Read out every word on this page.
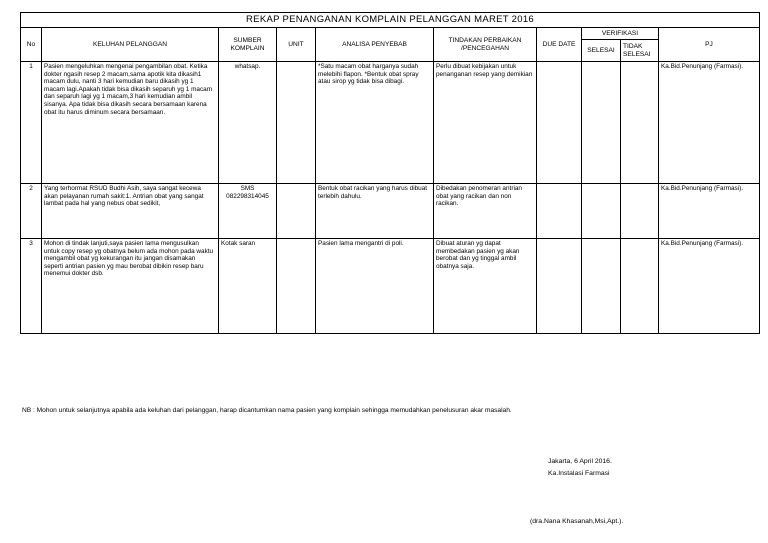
REKAP PENANGANAN KOMPLAIN PELANGGAN MARET 2016									
No	KELUHAN PELANGGAN	SUMBER KOMPLAIN	UNIT	ANALISA PENYEBAB	TINDAKAN PERBAIKAN /PENCEGAHAN	DUE DATE	VERIFIKASI		PJ
							SELESAI	TIDAK SELESAI	
1	Pasien mengeluhkan mengenai pengambilan obat. Ketika dokter ngasih resep 2 macam,sama apotik kita dikasih1 macam dulu, nanti 3 hari kemudian baru dikasih yg 1 macam lagi.Apakah tidak bisa dikasih separuh yg 1 macam dan separuh lagi yg 1 macam,3 hari kemudian ambil sisanya. Apa tidak bisa dikasih secara bersamaan karena obat itu harus diminum secara bersamaan.	whatsap.		*Satu macam obat harganya sudah melebihi flapon. *Bentuk obat spray atau sirop yg tidak bisa dibagi.	Perlu dibuat kebijakan untuk penanganan resep yang demikian				Ka.Bid.Penunjang (Farmasi).
2	Yang terhormat RSUD Budhi Asih, saya sangat kecewa akan pelayanan rumah sakit:1. Antrian obat yang sangat lambat pada hal yang nebus obat sedikit,	SMS 082298314045		Bentuk obat racikan yang harus dibuat terlebih dahulu.	Dibedakan penomeran antrian obat yang racikan dan non racikan.				Ka.Bid.Penunjang (Farmasi).
3	Mohon di tindak lanjuti,saya pasien lama mengusulkan untuk copy resep yg obatnya belum ada mohon pada waktu mengambil obat yg kekurangan itu jangan disamakan seperti antrian pasien yg mau berobat dibikin resep baru menemui dokter dsb.	Kotak saran		Pasien lama mengantri di poli.	Dibuat aturan yg dapat membedakan pasien yg akan berobat dan yg tinggal ambil obatnya saja.				Ka.Bid.Penunjang (Farmasi).
NB : Mohon untuk selanjutnya apabila ada keluhan dari pelanggan, harap dicantumkan nama pasien yang komplain sehingga memudahkan penelusuran akar masalah.
Jakarta, 6 April 2016.
Ka.Instalasi Farmasi
(dra.Nana Khasanah,Msi,Apt.).
